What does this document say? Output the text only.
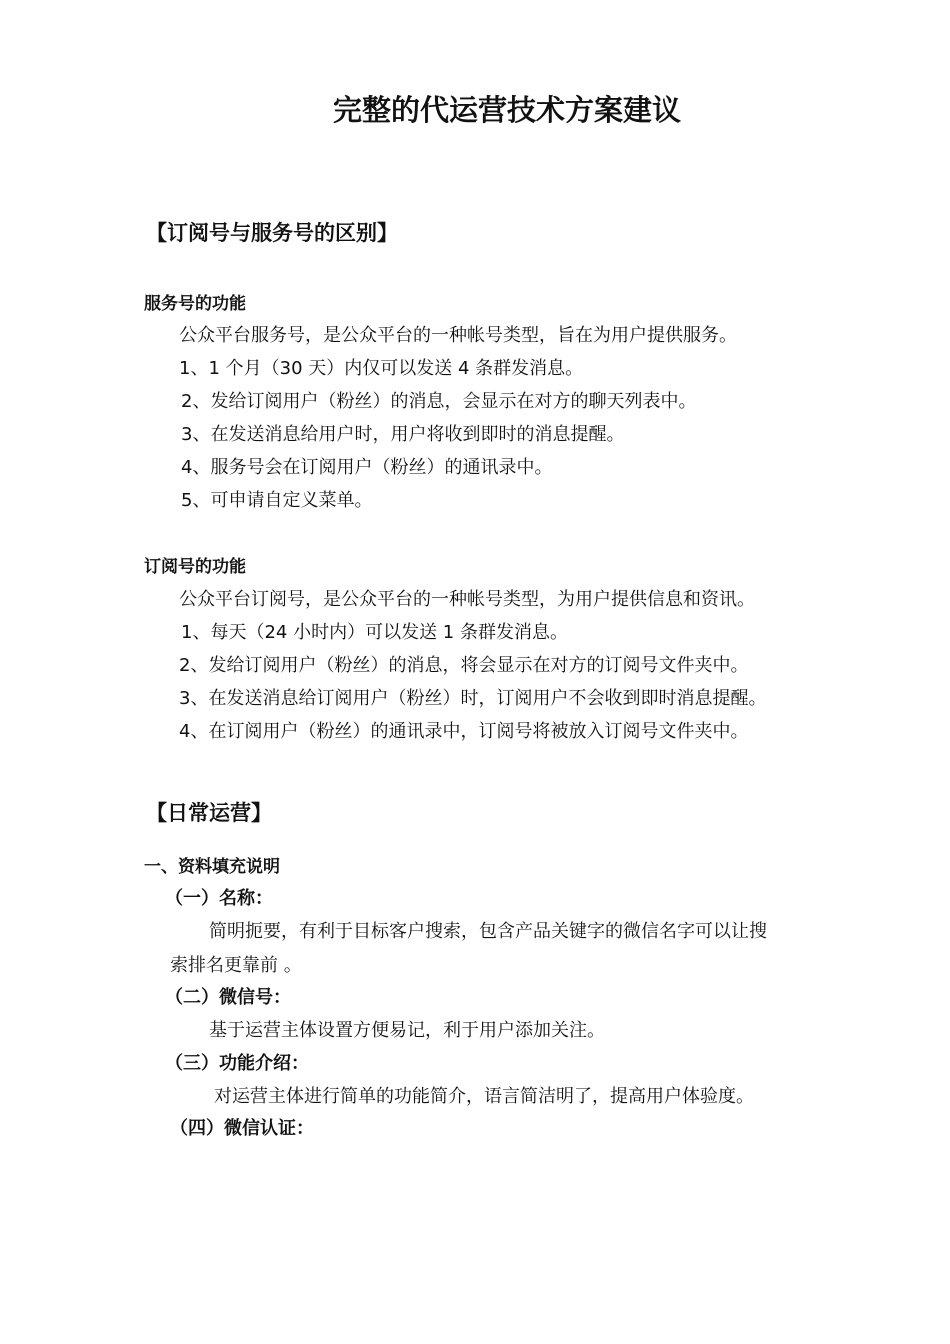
完整的代运营技术方案建议
【订阅号与服务号的区别】
服务号的功能
公众平台服务号，是公众平台的一种帐号类型，旨在为用户提供服务。
1、1 个月（30 天）内仅可以发送 4 条群发消息。
2、发给订阅用户（粉丝）的消息，会显示在对方的聊天列表中。
3、在发送消息给用户时，用户将收到即时的消息提醒。
4、服务号会在订阅用户（粉丝）的通讯录中。
5、可申请自定义菜单。
订阅号的功能
公众平台订阅号，是公众平台的一种帐号类型，为用户提供信息和资讯。
1、每天（24 小时内）可以发送 1 条群发消息。
2、发给订阅用户（粉丝）的消息，将会显示在对方的订阅号文件夹中。
3、在发送消息给订阅用户（粉丝）时，订阅用户不会收到即时消息提醒。
4、在订阅用户（粉丝）的通讯录中，订阅号将被放入订阅号文件夹中。
【日常运营】
一、资料填充说明
（一）名称：
简明扼要，有利于目标客户搜索，包含产品关键字的微信名字可以让搜
索排名更靠前 。
（二）微信号：
基于运营主体设置方便易记，利于用户添加关注。
（三）功能介绍：
对运营主体进行简单的功能简介，语言简洁明了，提高用户体验度。
（四）微信认证：
